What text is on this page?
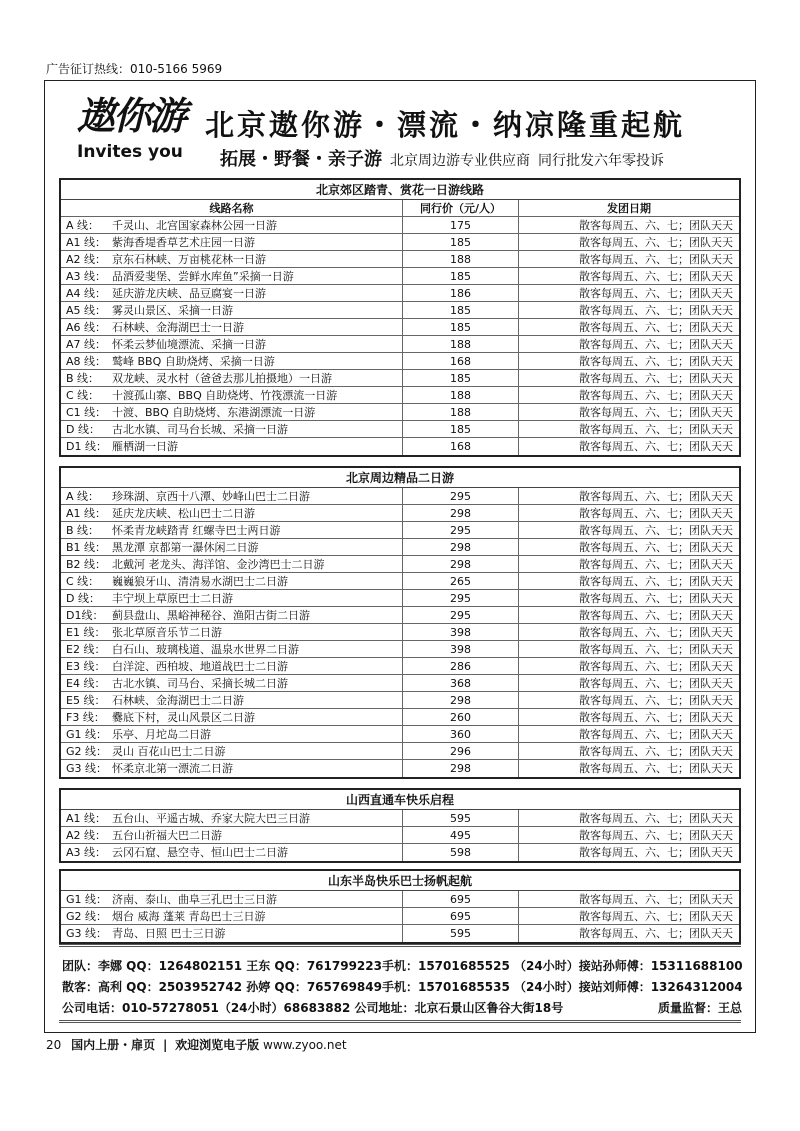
广告征订热线：010-5166 5969
遨你游
Invites you
北京遨你游・漂流・纳凉隆重起航
拓展・野餐・亲子游 北京周边游专业供应商 同行批发六年零投诉
北京郊区踏青、赏花一日游线路
线路名称	同行价（元/人）	发团日期
A 线： 千灵山、北宫国家森林公园一日游	175	散客每周五、六、七；团队天天
A1 线： 紫海香堤香草艺术庄园一日游	185	散客每周五、六、七；团队天天
A2 线： 京东石林峡、万亩桃花林一日游	188	散客每周五、六、七；团队天天
A3 线： 品酒爱斐堡、尝鲜水库鱼”采摘一日游	185	散客每周五、六、七；团队天天
A4 线： 延庆游龙庆峡、品豆腐宴一日游	186	散客每周五、六、七；团队天天
A5 线： 雾灵山景区、采摘一日游	185	散客每周五、六、七；团队天天
A6 线： 石林峡、金海湖巴士一日游	185	散客每周五、六、七；团队天天
A7 线： 怀柔云梦仙境漂流、采摘一日游	188	散客每周五、六、七；团队天天
A8 线： 鹫峰 BBQ 自助烧烤、采摘一日游	168	散客每周五、六、七；团队天天
B 线： 双龙峡、灵水村（爸爸去那儿拍摄地）一日游	185	散客每周五、六、七；团队天天
C 线： 十渡孤山寨、BBQ 自助烧烤、竹筏漂流一日游	188	散客每周五、六、七；团队天天
C1 线： 十渡、BBQ 自助烧烤、东港湖漂流一日游	188	散客每周五、六、七；团队天天
D 线： 古北水镇、司马台长城、采摘一日游	185	散客每周五、六、七；团队天天
D1 线： 雁栖湖一日游	168	散客每周五、六、七；团队天天
北京周边精品二日游
A 线： 珍珠湖、京西十八潭、妙峰山巴士二日游	295	散客每周五、六、七；团队天天
A1 线： 延庆龙庆峡、松山巴士二日游	298	散客每周五、六、七；团队天天
B 线： 怀柔青龙峡踏青 红螺寺巴士两日游	295	散客每周五、六、七；团队天天
B1 线： 黑龙潭 京都第一瀑休闲二日游	298	散客每周五、六、七；团队天天
B2 线： 北戴河 老龙头、海洋馆、金沙湾巴士二日游	298	散客每周五、六、七；团队天天
C 线： 巍巍狼牙山、清清易水湖巴士二日游	265	散客每周五、六、七；团队天天
D 线： 丰宁坝上草原巴士二日游	295	散客每周五、六、七；团队天天
D1线： 蓟县盘山、黑峪神秘谷、渔阳古街二日游	295	散客每周五、六、七；团队天天
E1 线： 张北草原音乐节二日游	398	散客每周五、六、七；团队天天
E2 线： 白石山、玻璃栈道、温泉水世界二日游	398	散客每周五、六、七；团队天天
E3 线： 白洋淀、西柏坡、地道战巴士二日游	286	散客每周五、六、七；团队天天
E4 线： 古北水镇、司马台、采摘长城二日游	368	散客每周五、六、七；团队天天
E5 线： 石林峡、金海湖巴士二日游	298	散客每周五、六、七；团队天天
F3 线： 爨底下村，灵山风景区二日游	260	散客每周五、六、七；团队天天
G1 线： 乐亭、月坨岛二日游	360	散客每周五、六、七；团队天天
G2 线： 灵山 百花山巴士二日游	296	散客每周五、六、七；团队天天
G3 线： 怀柔京北第一漂流二日游	298	散客每周五、六、七；团队天天
山西直通车快乐启程
A1 线： 五台山、平遥古城、乔家大院大巴三日游	595	散客每周五、六、七；团队天天
A2 线： 五台山祈福大巴二日游	495	散客每周五、六、七；团队天天
A3 线： 云冈石窟、悬空寺、恒山巴士二日游	598	散客每周五、六、七；团队天天
山东半岛快乐巴士扬帆起航
G1 线： 济南、泰山、曲阜三孔巴士三日游	695	散客每周五、六、七；团队天天
G2 线： 烟台 威海 蓬莱 青岛巴士三日游	695	散客每周五、六、七；团队天天
G3 线： 青岛、日照 巴士三日游	595	散客每周五、六、七；团队天天
团队：李娜 QQ：1264802151 王东 QQ：761799223手机：15701685525 （24小时）接站孙师傅：15311688100
散客：高利 QQ：2503952742 孙婷 QQ：765769849手机：15701685535 （24小时）接站刘师傅：13264312004
公司电话：010-57278051（24小时）68683882 公司地址：北京石景山区鲁谷大街18号	质量监督：王总
20 国内上册・扉页 | 欢迎浏览电子版 www.zyoo.net
